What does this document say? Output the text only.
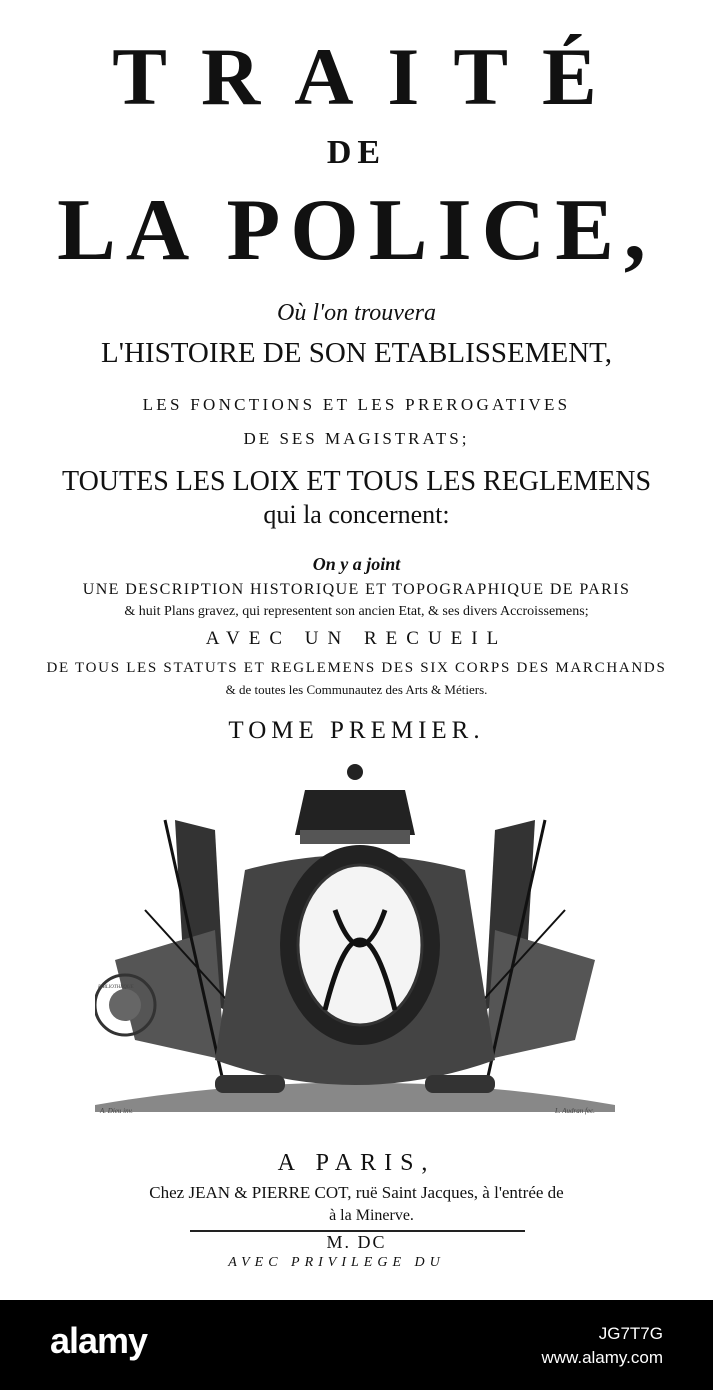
TRAITÉ
DE
LA POLICE,
Où l'on trouvera
L'HISTOIRE DE SON ETABLISSEMENT,
LES FONCTIONS ET LES PREROGATIVES
DE SES MAGISTRATS;
TOUTES LES LOIX ET TOUS LES REGLEMENS
qui la concernent:
On y a joint
UNE DESCRIPTION HISTORIQUE ET TOPOGRAPHIQUE DE PARIS
& huit Plans gravez, qui representent son ancien Etat, & ses divers Accroissemens;
AVEC UN RECUEIL
DE TOUS LES STATUTS ET REGLEMENS DES SIX CORPS DES MARCHANDS
& de toutes les Communautez des Arts & Métiers.
TOME PREMIER.
A. Dieu inv.	L. Audran fec.
BIBLIOTHEQUE
A PARIS,
Chez JEAN & PIERRE COT, ruë Saint Jacques, à l'entrée de
à la Minerve.
M. DC
AVEC PRIVILEGE DU
alamy	JG7T7G
www.alamy.com
